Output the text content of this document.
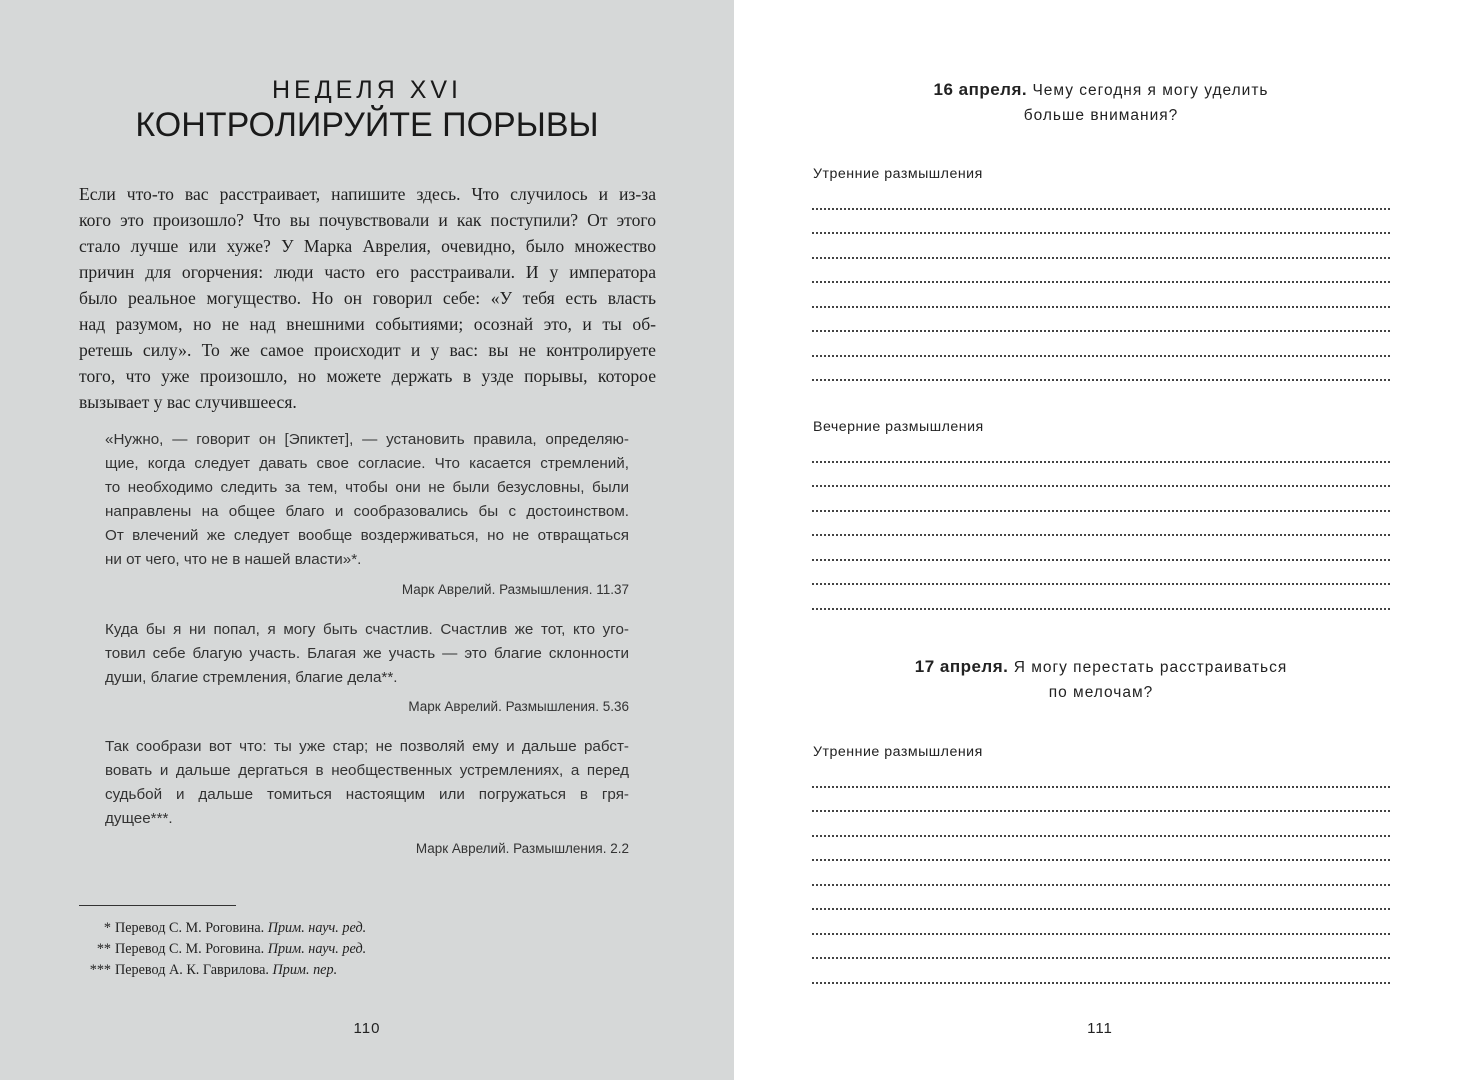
НЕДЕЛЯ XVI
КОНТРОЛИРУЙТЕ ПОРЫВЫ
Если что-то вас расстраивает, напишите здесь. Что случилось и из-за
кого это произошло? Что вы почувствовали и как поступили? От этого
стало лучше или хуже? У Марка Аврелия, очевидно, было множество
причин для огорчения: люди часто его расстраивали. И у императора
было реальное могущество. Но он говорил себе: «У тебя есть власть
над разумом, но не над внешними событиями; осознай это, и ты об-
ретешь силу». То же самое происходит и у вас: вы не контролируете
того, что уже произошло, но можете держать в узде порывы, которое
вызывает у вас случившееся.
«Нужно, — говорит он [Эпиктет], — установить правила, определяю-
щие, когда следует давать свое согласие. Что касается стремлений,
то необходимо следить за тем, чтобы они не были безусловны, были
направлены на общее благо и сообразовались бы с достоинством.
От влечений же следует вообще воздерживаться, но не отвращаться
ни от чего, что не в нашей власти»*.
Марк Аврелий. Размышления. 11.37
Куда бы я ни попал, я могу быть счастлив. Счастлив же тот, кто уго-
товил себе благую участь. Благая же участь — это благие склонности
души, благие стремления, благие дела**.
Марк Аврелий. Размышления. 5.36
Так сообрази вот что: ты уже стар; не позволяй ему и дальше рабст-
вовать и дальше дергаться в необщественных устремлениях, а перед
судьбой и дальше томиться настоящим или погружаться в гря-
дущее***.
Марк Аврелий. Размышления. 2.2
* Перевод С. М. Роговина. Прим. науч. ред.
** Перевод С. М. Роговина. Прим. науч. ред.
*** Перевод А. К. Гаврилова. Прим. пер.
110
16 апреля. Чему сегодня я могу уделить
больше внимания?
Утренние размышления
Вечерние размышления
17 апреля. Я могу перестать расстраиваться
по мелочам?
Утренние размышления
111
